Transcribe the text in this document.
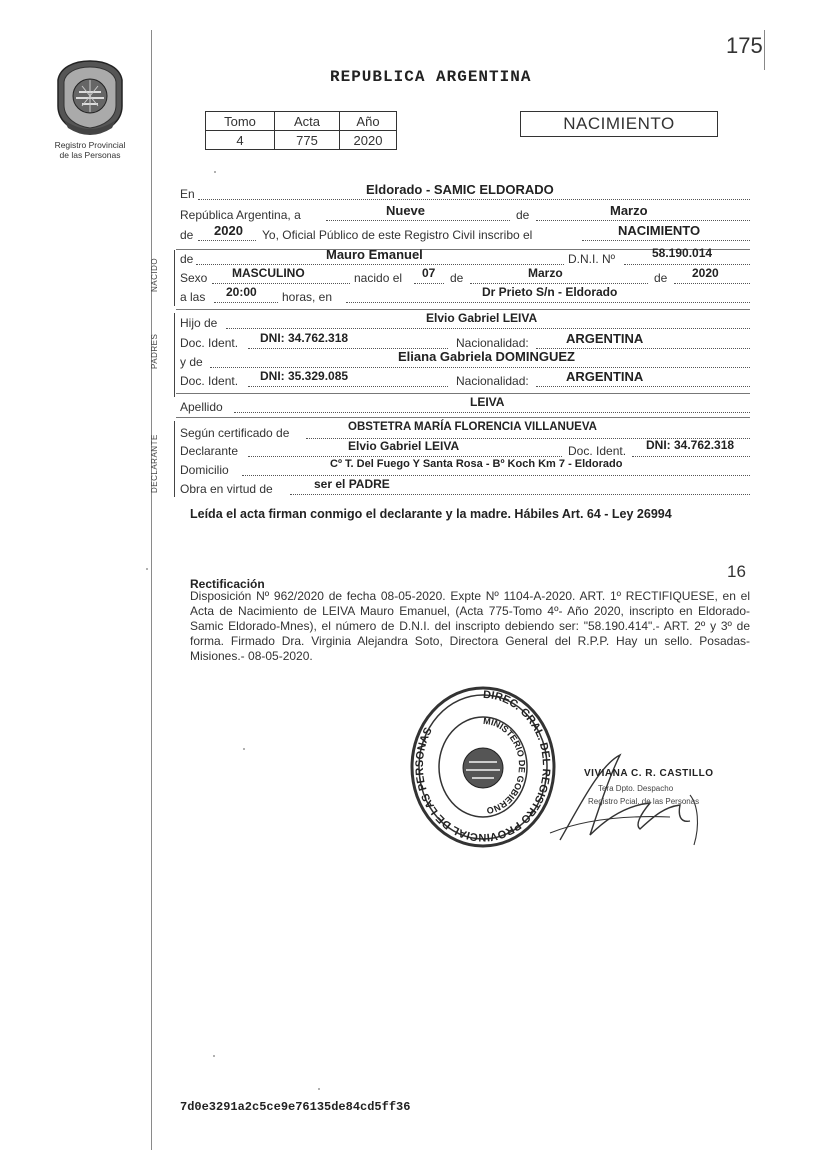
175
Registro Provincial
de las Personas
REPUBLICA ARGENTINA
Tomo	Acta	Año
4	775	2020
NACIMIENTO
En	Eldorado - SAMIC ELDORADO
República Argentina, a	Nueve	de	Marzo
de 2020 Yo, Oficial Público de este Registro Civil inscribo el	NACIMIENTO
NACIDO de	Mauro Emanuel	D.N.I. Nº	58.190.014
Sexo MASCULINO	nacido el 07 de	Marzo	de 2020
a las 20:00 horas, en	Dr Prieto S/n - Eldorado
PADRES
Hijo de	Elvio Gabriel LEIVA
Doc. Ident. DNI: 34.762.318	Nacionalidad:	ARGENTINA
y de	Eliana Gabriela DOMINGUEZ
Doc. Ident. DNI: 35.329.085	Nacionalidad:	ARGENTINA
Apellido	LEIVA
DECLARANTE
Según certificado de	OBSTETRA MARÍA FLORENCIA VILLANUEVA
Declarante	Elvio Gabriel LEIVA	Doc. Ident. DNI: 34.762.318
Domicilio	Cº T. Del Fuego Y Santa Rosa - Bº Koch Km 7 - Eldorado
Obra en virtud de	ser el PADRE
Leída el acta firman conmigo el declarante y la madre. Hábiles Art. 64 - Ley 26994
16
Rectificación
Disposición Nº 962/2020 de fecha 08-05-2020. Expte Nº 1104-A-2020. ART. 1º RECTIFIQUESE, en el Acta de Nacimiento de LEIVA Mauro Emanuel, (Acta 775-Tomo 4º- Año 2020, inscripto en Eldorado- Samic Eldorado-Mnes), el número de D.N.I. del inscripto debiendo ser: "58.190.414".- ART. 2º y 3º de forma. Firmado Dra. Virginia Alejandra Soto, Directora General del R.P.P. Hay un sello. Posadas- Misiones.- 08-05-2020.
DIREC. GRAL. DEL REGISTRO PROVINCIAL DE LAS PERSONAS
MINISTERIO DE GOBIERNO
VIVIANA C. R. CASTILLO
Tera Dpto. Despacho
Registro Pcial. de las Personas
7d0e3291a2c5ce9e76135de84cd5ff36
